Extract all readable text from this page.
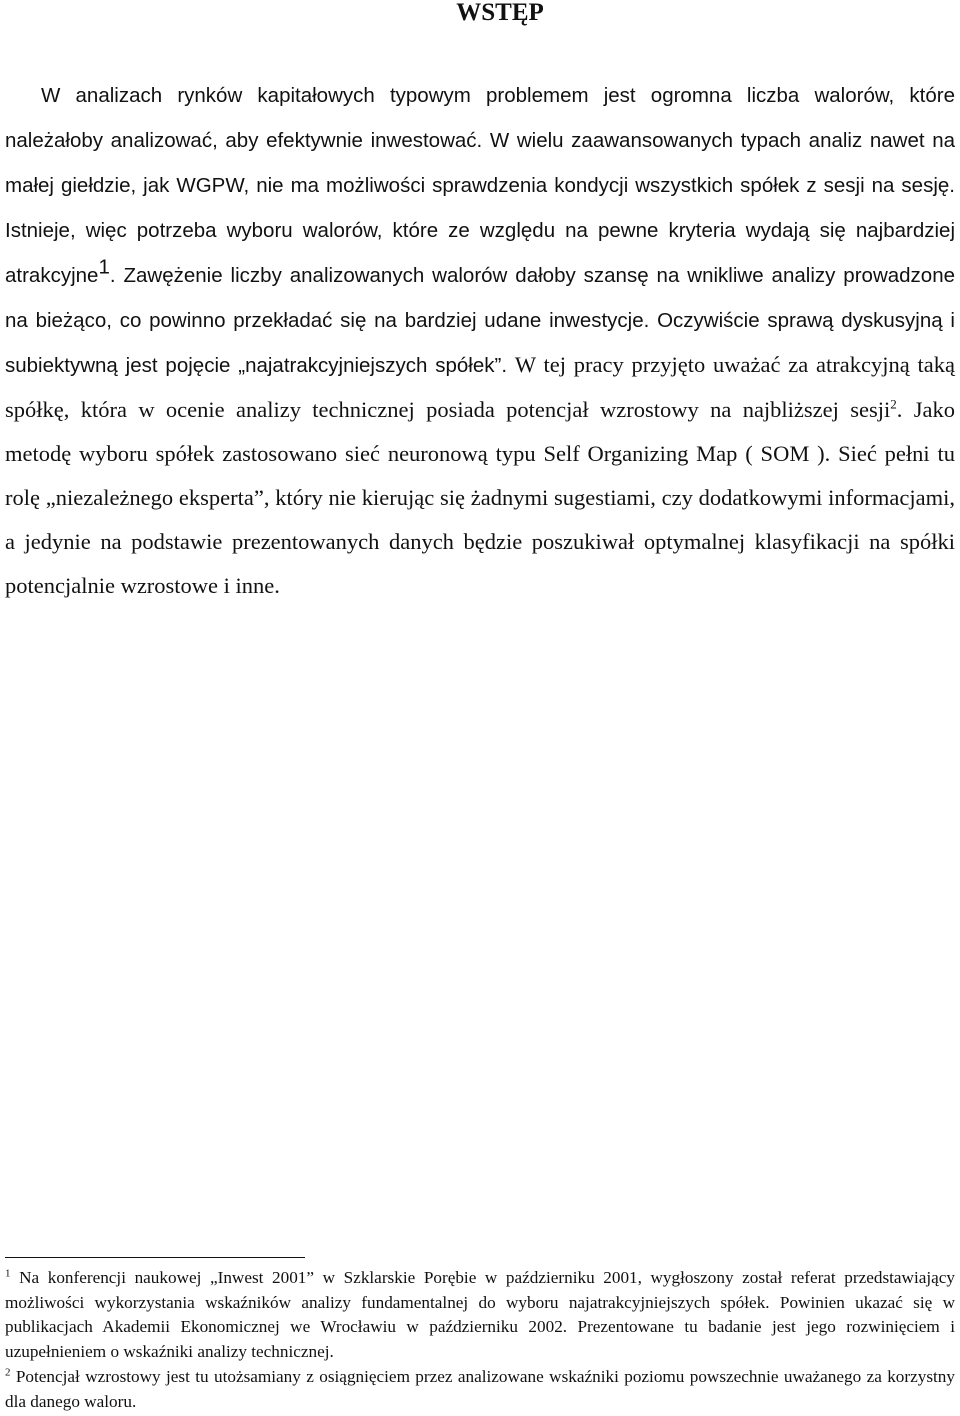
WSTĘP

W analizach rynków kapitałowych typowym problemem jest ogromna liczba walorów, które należałoby analizować, aby efektywnie inwestować. W wielu zaawansowanych typach analiz nawet na małej giełdzie, jak WGPW, nie ma możliwości sprawdzenia kondycji wszystkich spółek z sesji na sesję. Istnieje, więc potrzeba wyboru walorów, które ze względu na pewne kryteria wydają się najbardziej atrakcyjne$^1$. Zawężenie liczby analizowanych walorów dałoby szansę na wnikliwe analizy prowadzone na bieżąco, co powinno przekładać się na bardziej udane inwestycje. Oczywiście sprawą dyskusyjną i subiektywną jest pojęcie „najatrakcyjniejszych spółek”. W tej pracy przyjęto uważać za atrakcyjną taką spółkę, która w ocenie analizy technicznej posiada potencjał wzrostowy na najbliższej sesji$^2$. Jako metodę wyboru spółek zastosowano sieć neuronową typu Self Organizing Map ( SOM ). Sieć pełni tu rolę „niezależnego eksperta”, który nie kierując się żadnymi sugestiami, czy dodatkowymi informacjami, a jedynie na podstawie prezentowanych danych będzie poszukiwał optymalnej klasyfikacji na spółki potencjalnie wzrostowe i inne.

$^1$ Na konferencji naukowej „Inwest 2001” w Szklarskie Porębie w październiku 2001, wygłoszony został referat przedstawiający możliwości wykorzystania wskaźników analizy fundamentalnej do wyboru najatrakcyjniejszych spółek. Powinien ukazać się w publikacjach Akademii Ekonomicznej we Wrocławiu w październiku 2002. Prezentowane tu badanie jest jego rozwinięciem i uzupełnieniem o wskaźniki analizy technicznej.

$^2$ Potencjał wzrostowy jest tu utożsamiany z osiągnięciem przez analizowane wskaźniki poziomu powszechnie uważanego za korzystny dla danego waloru.
